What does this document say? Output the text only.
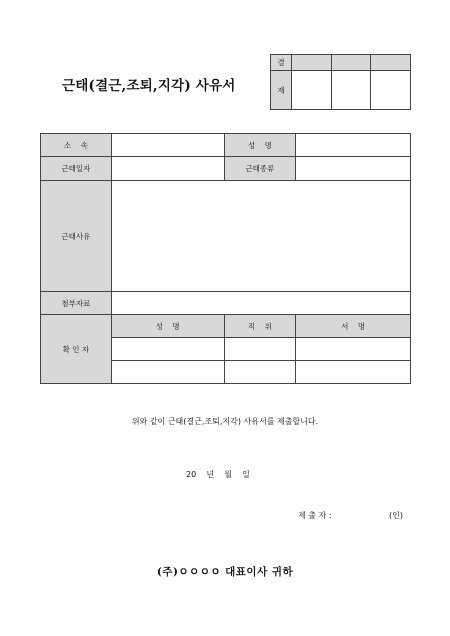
근태(결근,조퇴,지각) 사유서
결			
재			
소    속		성    명	
근태일자		근태종류	
근태사유			
첨부자료			
확 인 자	성    명	직    위	서    명

위와 같이 근태(결근,조퇴,지각) 사유서를 제출합니다.
20    년    월    일
제 출 자 :	(인)
(주)ㅇㅇㅇㅇ 대표이사 귀하
